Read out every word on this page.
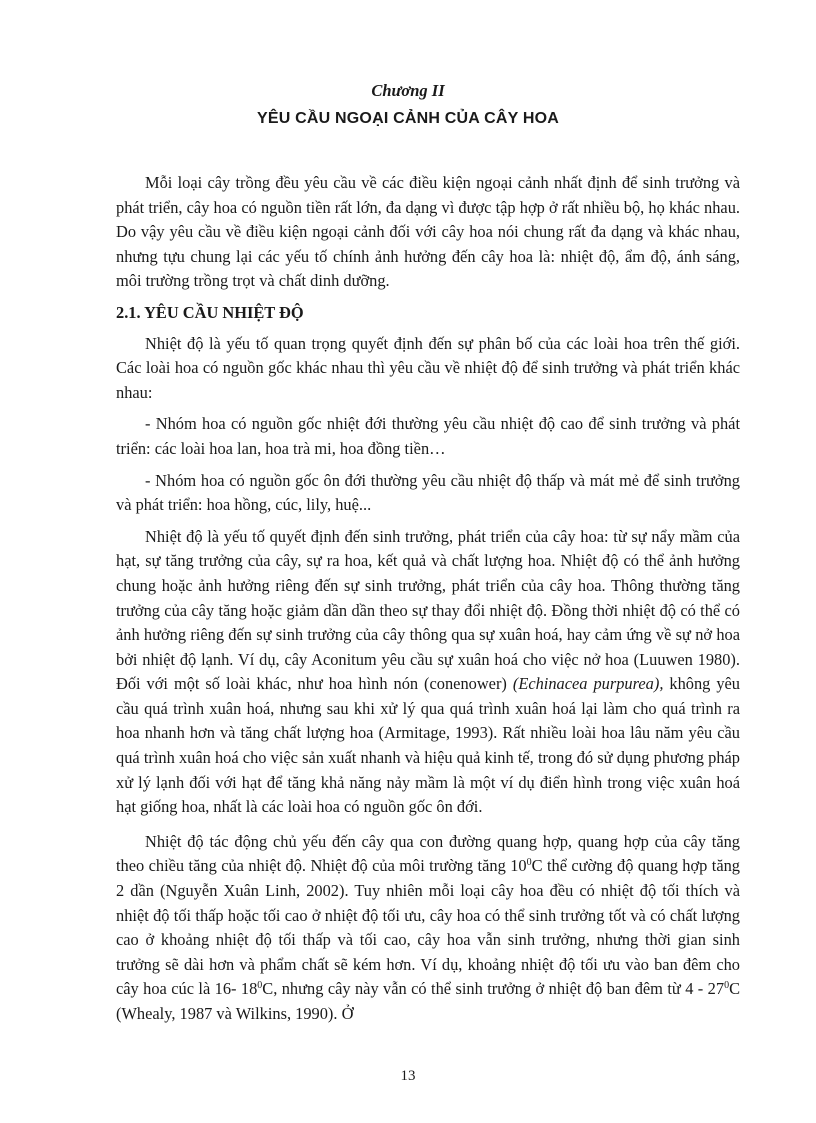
Chương II
YÊU CẦU NGOẠI CẢNH CỦA CÂY HOA

Mỗi loại cây trồng đều yêu cầu về các điều kiện ngoại cảnh nhất định để sinh trưởng và phát triển, cây hoa có nguồn tiền rất lớn, đa dạng vì được tập hợp ở rất nhiều bộ, họ khác nhau. Do vậy yêu cầu về điều kiện ngoại cảnh đối với cây hoa nói chung rất đa dạng và khác nhau, nhưng tựu chung lại các yếu tố chính ảnh hưởng đến cây hoa là: nhiệt độ, ẩm độ, ánh sáng, môi trường trồng trọt và chất dinh dưỡng.

2.1. YÊU CẦU NHIỆT ĐỘ

Nhiệt độ là yếu tố quan trọng quyết định đến sự phân bố của các loài hoa trên thế giới. Các loài hoa có nguồn gốc khác nhau thì yêu cầu về nhiệt độ để sinh trưởng và phát triển khác nhau:

- Nhóm hoa có nguồn gốc nhiệt đới thường yêu cầu nhiệt độ cao để sinh trưởng và phát triển: các loài hoa lan, hoa trà mi, hoa đồng tiền…

- Nhóm hoa có nguồn gốc ôn đới thường yêu cầu nhiệt độ thấp và mát mẻ để sinh trưởng và phát triển: hoa hồng, cúc, lily, huệ...

Nhiệt độ là yếu tố quyết định đến sinh trưởng, phát triển của cây hoa: từ sự nẩy mầm của hạt, sự tăng trưởng của cây, sự ra hoa, kết quả và chất lượng hoa. Nhiệt độ có thể ảnh hưởng chung hoặc ảnh hưởng riêng đến sự sinh trưởng, phát triển của cây hoa. Thông thường tăng trưởng của cây tăng hoặc giảm dần dần theo sự thay đổi nhiệt độ. Đồng thời nhiệt độ có thể có ảnh hưởng riêng đến sự sinh trưởng của cây thông qua sự xuân hoá, hay cảm ứng về sự nở hoa bởi nhiệt độ lạnh. Ví dụ, cây Aconitum yêu cầu sự xuân hoá cho việc nở hoa (Luuwen 1980). Đối với một số loài khác, như hoa hình nón (conenower) (Echinacea purpurea), không yêu cầu quá trình xuân hoá, nhưng sau khi xử lý qua quá trình xuân hoá lại làm cho quá trình ra hoa nhanh hơn và tăng chất lượng hoa (Armitage, 1993). Rất nhiều loài hoa lâu năm yêu cầu quá trình xuân hoá cho việc sản xuất nhanh và hiệu quả kinh tế, trong đó sử dụng phương pháp xử lý lạnh đối với hạt để tăng khả năng nảy mầm là một ví dụ điển hình trong việc xuân hoá hạt giống hoa, nhất là các loài hoa có nguồn gốc ôn đới.

Nhiệt độ tác động chủ yếu đến cây qua con đường quang hợp, quang hợp của cây tăng theo chiều tăng của nhiệt độ. Nhiệt độ của môi trường tăng $10^0C$ thể cường độ quang hợp tăng 2 dần (Nguyễn Xuân Linh, 2002). Tuy nhiên mỗi loại cây hoa đều có nhiệt độ tối thích và nhiệt độ tối thấp hoặc tối cao ở nhiệt độ tối ưu, cây hoa có thể sinh trưởng tốt và có chất lượng cao ở khoảng nhiệt độ tối thấp và tối cao, cây hoa vẫn sinh trưởng, nhưng thời gian sinh trưởng sẽ dài hơn và phẩm chất sẽ kém hơn. Ví dụ, khoảng nhiệt độ tối ưu vào ban đêm cho cây hoa cúc là 16- $18^0C$, nhưng cây này vẫn có thể sinh trưởng ở nhiệt độ ban đêm từ $4 - 27^0C$ (Whealy, 1987 và Wilkins, 1990). Ở

13
